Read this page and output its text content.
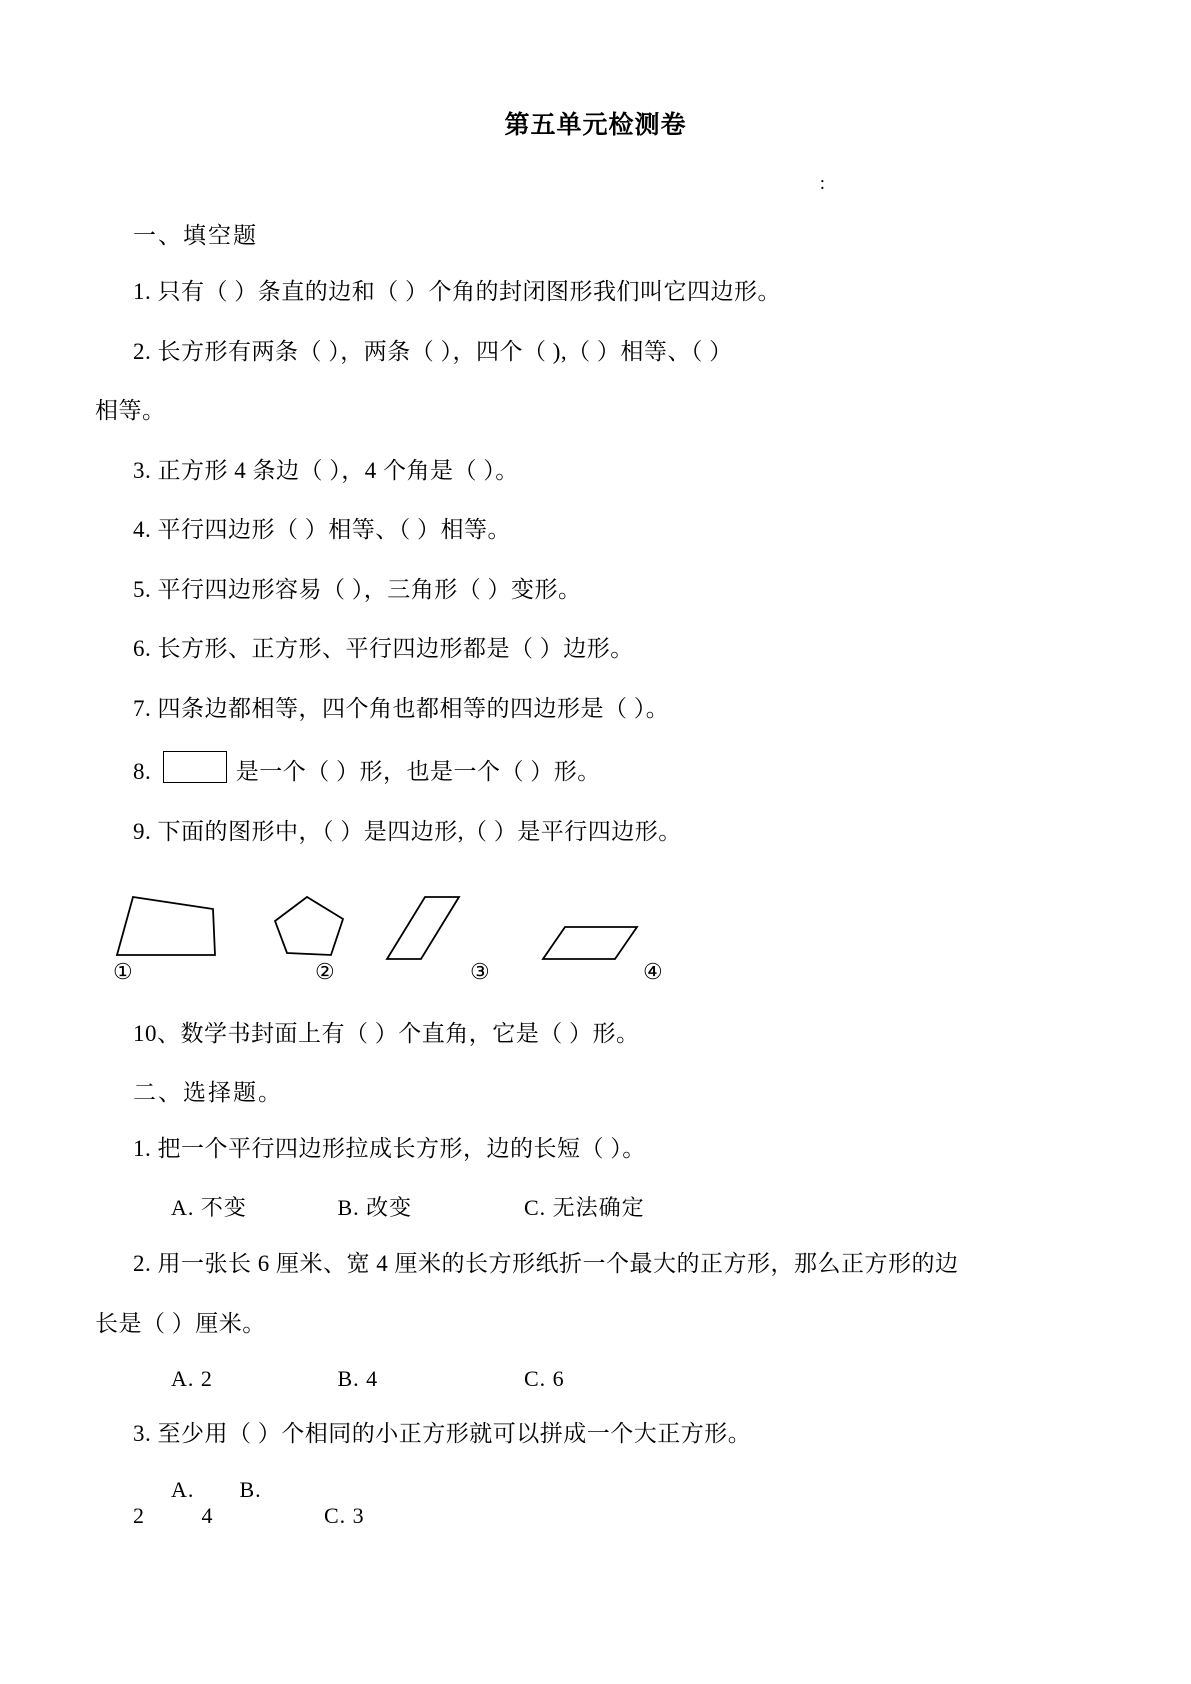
第五单元检测卷
:
一、填空题
1. 只有（ ）条直的边和（ ）个角的封闭图形我们叫它四边形。
2. 长方形有两条（ ），两条（ ），四个（ ),（ ）相等、（ ）
相等。
3. 正方形 4 条边（ ），4 个角是（ ）。
4. 平行四边形（ ）相等、（ ）相等。
5. 平行四边形容易（ ），三角形（ ）变形。
6. 长方形、正方形、平行四边形都是（ ）边形。
7. 四条边都相等，四个角也都相等的四边形是（ ）。
8.	是一个（ ）形，也是一个（ ）形。
9. 下面的图形中，（ ）是四边形,（ ）是平行四边形。
①	②	③	④
10、数学书封面上有（ ）个直角，它是（ ）形。
二、选择题。
1. 把一个平行四边形拉成长方形，边的长短（ ）。
A. 不变	B. 改变	C. 无法确定
2. 用一张长 6 厘米、宽 4 厘米的长方形纸折一个最大的正方形，那么正方形的边
长是（ ）厘米。
A. 2	B. 4	C. 6
3. 至少用（ ）个相同的小正方形就可以拼成一个大正方形。
A. 2 B. 4	C. 3
